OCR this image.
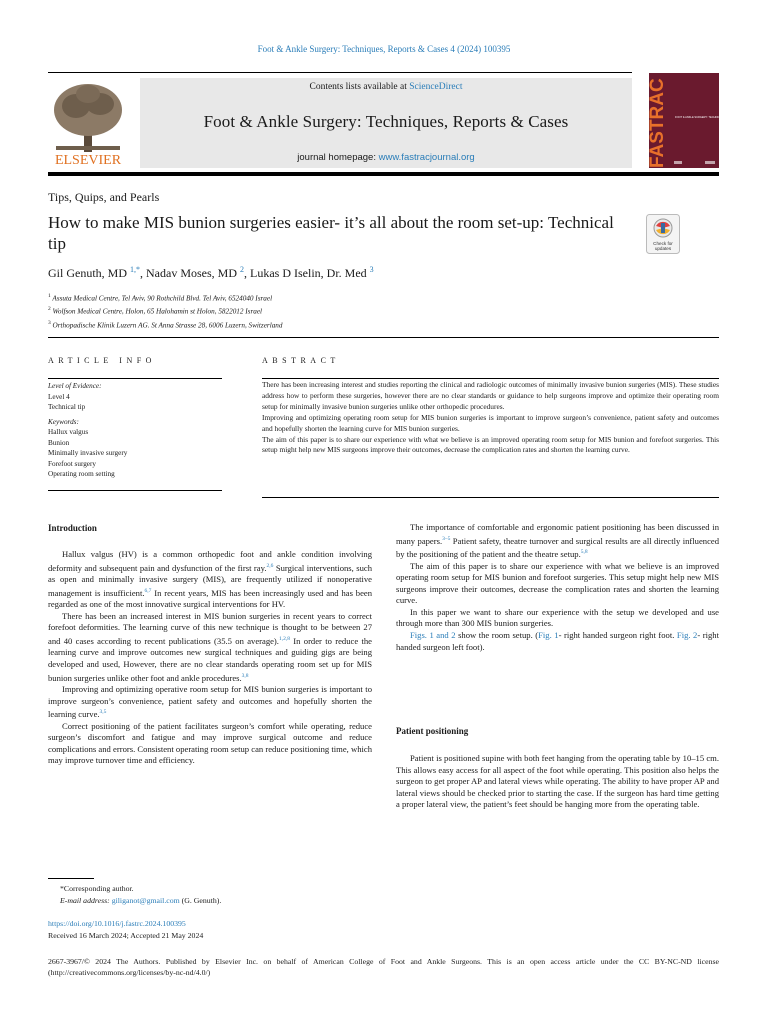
Foot & Ankle Surgery: Techniques, Reports & Cases 4 (2024) 100395
ELSEVIER
Contents lists available at ScienceDirect
Foot & Ankle Surgery: Techniques, Reports & Cases
journal homepage: www.fastracjournal.org	FASTRAC	FOOT & ANKLE SURGERY: TECHNIQUES, REPORTS & CASES
Tips, Quips, and Pearls
How to make MIS bunion surgeries easier- it’s all about the room set-up: Technical tip	Check for
updates
Gil Genuth, MD $^{1,*}$, Nadav Moses, MD $^2$, Lukas D Iselin, Dr. Med $^3$
$^1$ Assuta Medical Centre, Tel Aviv, 90 Rothchild Blvd. Tel Aviv, 6524040 Israel
$^2$ Wolfson Medical Centre, Holon, 65 Halohamin st Holon, 5822012 Israel
$^3$ Orthopadische Klinik Luzern AG. St Anna Strasse 28, 6006 Luzern, Switzerland
ARTICLE INFO
Level of Evidence:
Level 4
Technical tip
Keywords:
Hallux valgus
Bunion
Minimally invasive surgery
Forefoot surgery
Operating room setting
ABSTRACT
There has been increasing interest and studies reporting the clinical and radiologic outcomes of minimally invasive bunion surgeries (MIS). These studies address how to perform these surgeries, however there are no clear standards or guidance to help surgeons improve and optimize their operating room setup for minimally invasive bunion surgeries unlike other orthopedic procedures.
Improving and optimizing operating room setup for MIS bunion surgeries is important to improve surgeon’s convenience, patient safety and outcomes and hopefully shorten the learning curve for MIS bunion surgeries.
The aim of this paper is to share our experience with what we believe is an improved operating room setup for MIS bunion and forefoot surgeries. This setup might help new MIS surgeons improve their outcomes, decrease the complication rates and shorten the learning curve.
Introduction

Hallux valgus (HV) is a common orthopedic foot and ankle condition involving deformity and subsequent pain and dysfunction of the first ray.$^{2,6}$ Surgical interventions, such as open and minimally invasive surgery (MIS), are frequently utilized if nonoperative management is insufficient.$^{6,7}$ In recent years, MIS has been increasingly used and has been regarded as one of the most innovative surgical interventions for HV.

There has been an increased interest in MIS bunion surgeries in recent years to correct forefoot deformities. The learning curve of this new technique is thought to be between 27 and 40 cases according to recent publications (35.5 on average).$^{1,2,8}$ In order to reduce the learning curve and improve outcomes new surgical techniques and guiding gigs are being developed and used, However, there are no clear standards operating room set up for MIS bunion surgeries unlike other foot and ankle procedures.$^{3,8}$

Improving and optimizing operative room setup for MIS bunion surgeries is important to improve surgeon’s convenience, patient safety and outcomes and hopefully shorten the learning curve.$^{3,5}$

Correct positioning of the patient facilitates surgeon’s comfort while operating, reduce surgeon’s discomfort and fatigue and may improve surgical outcome and reduce complications and errors. Consistent operating room setup can reduce positioning time, which may improve turnover time and efficiency.

The importance of comfortable and ergonomic patient positioning has been discussed in many papers.$^{3-5}$ Patient safety, theatre turnover and surgical results are all directly influenced by the positioning of the patient and the theatre setup.$^{5,8}$

The aim of this paper is to share our experience with what we believe is an improved operating room setup for MIS bunion and forefoot surgeries. This setup might help new MIS surgeons improve their outcomes, decrease the complication rates and shorten the learning curve.

In this paper we want to share our experience with the setup we developed and use through more than 300 MIS bunion surgeries.

Figs. 1 and 2 show the room setup. (Fig. 1- right handed surgeon right foot. Fig. 2- right handed surgeon left foot).

Patient positioning

Patient is positioned supine with both feet hanging from the operating table by 10–15 cm. This allows easy access for all aspect of the foot while operating. This position also helps the surgeon to get proper AP and lateral views while operating. The ability to have proper AP and lateral views should be checked prior to starting the case. If the surgeon has hard time getting a proper lateral view, the patient’s feet should be hanging more from the operating table.

*Corresponding author.
E-mail address: giliganot@gmail.com (G. Genuth).
https://doi.org/10.1016/j.fastrc.2024.100395
Received 16 March 2024; Accepted 21 May 2024
2667-3967/© 2024 The Authors. Published by Elsevier Inc. on behalf of American College of Foot and Ankle Surgeons. This is an open access article under the CC BY-NC-ND license (http://creativecommons.org/licenses/by-nc-nd/4.0/)
